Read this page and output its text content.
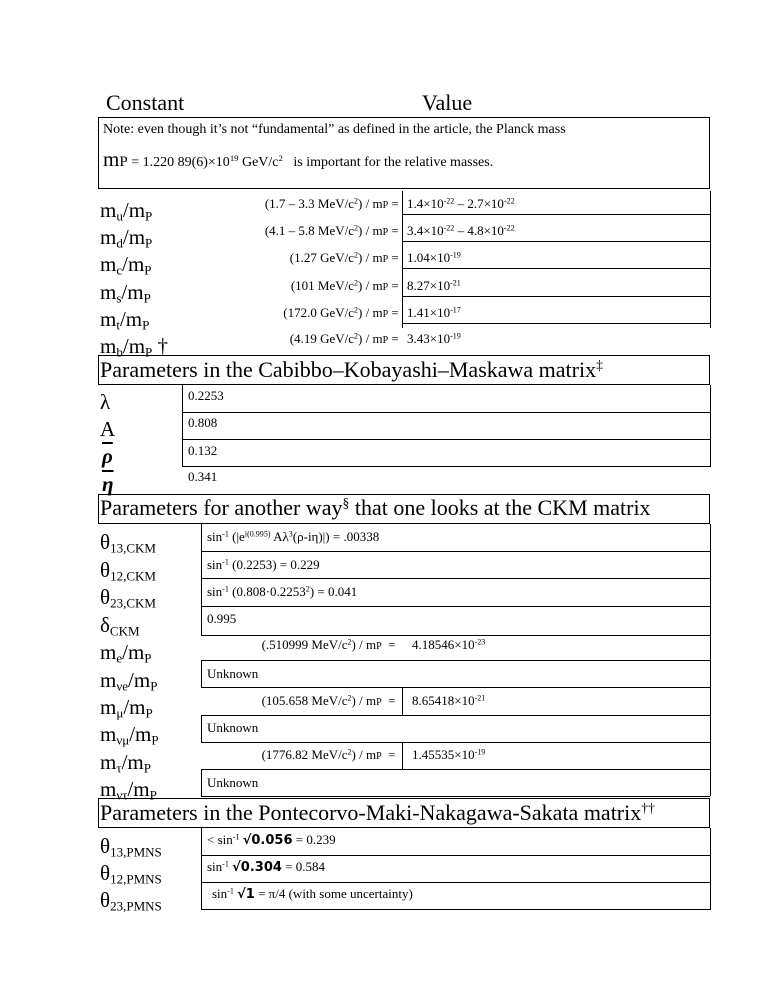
Constant	Value
Note: even though it’s not “fundamental” as defined in the article, the Planck mass
mP = 1.220 $89(6)\times 10^{19}$ GeV/$c^2$   is important for the relative masses.
$m_u/m_P$
$m_d/m_P$
$m_c/m_P$
$m_s/m_P$
$m_t/m_P$
$m_b/m_P$ †
(1.7 – 3.3 MeV/$c^2$) / mP = $1.4\times 10^{-22} - 2.7\times 10^{-22}$
(4.1 – 5.8 MeV/$c^2$) / mP = $3.4\times 10^{-22} - 4.8\times 10^{-22}$
(1.27 GeV/$c^2$) / mP = $1.04\times 10^{-19}$
(101 MeV/$c^2$) / mP = $8.27\times 10^{-21}$
(172.0 GeV/$c^2$) / mP = $1.41\times 10^{-17}$
(4.19 GeV/$c^2$) / mP = $3.43\times 10^{-19}$
Parameters in the Cabibbo–Kobayashi–Maskawa matrix‡
λ
A
$\overline{\rho}$
$\overline{\eta}$
0.2253
0.808
0.132
0.341
Parameters for another way§ that one looks at the CKM matrix
$\theta_{13,CKM}$
$\theta_{12,CKM}$
$\theta_{23,CKM}$
$\delta_{CKM}$
$\sin^{-1} (|e^{i(0.995)}$ $A\lambda^3(\rho-i\eta)|) = .00338$
$\sin^{-1} (0.2253) = 0.229$
$\sin^{-1} (0.808\cdot 0.2253^2) = 0.041$
0.995
$m_e/m_P$
$m_{\nu e}/m_P$
$m_\mu/m_P$
$m_{\nu\mu}/m_P$
$m_\tau/m_P$
$m_{\nu\tau}/m_P$
(.510999 MeV/$c^2$) / mP  = $4.18546\times 10^{-23}$
Unknown
(105.658 MeV/$c^2$) / mP  = $8.65418\times 10^{-21}$
Unknown
(1776.82 MeV/$c^2$) / mP  = $1.45535\times 10^{-19}$
Unknown
Parameters in the Pontecorvo-Maki-Nakagawa-Sakata matrix††
$\theta_{13,PMNS}$
$\theta_{12,PMNS}$
$\theta_{23,PMNS}$
< $\sin^{-1} √0.056 = 0.239$
$\sin^{-1} √0.304 = 0.584$
$\sin^{-1} √1 = \pi/4$ (with some uncertainty)
